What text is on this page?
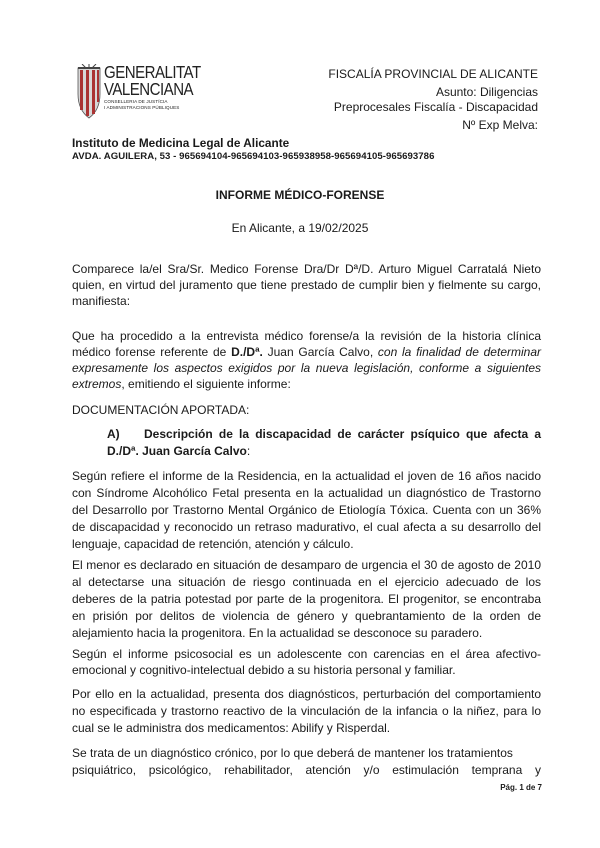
GENERALITAT
VALENCIANA
CONSELLERIA DE JUSTÍCIA
I ADMINISTRACIONS PÚBLIQUES
FISCALÍA PROVINCIAL DE ALICANTE
Asunto: Diligencias
Preprocesales Fiscalía - Discapacidad
Nº Exp Melva:
Instituto de Medicina Legal de Alicante
AVDA. AGUILERA, 53 - 965694104-965694103-965938958-965694105-965693786
INFORME MÉDICO-FORENSE
En Alicante, a 19/02/2025
Comparece la/el Sra/Sr. Medico Forense Dra/Dr Dª/D. Arturo Miguel Carratalá Nieto quien, en virtud del juramento que tiene prestado de cumplir bien y fielmente su cargo, manifiesta:
Que ha procedido a la entrevista médico forense/a la revisión de la historia clínica médico forense referente de D./Dª. Juan García Calvo, con la finalidad de determinar expresamente los aspectos exigidos por la nueva legislación, conforme a siguientes extremos, emitiendo el siguiente informe:
DOCUMENTACIÓN APORTADA:
A) Descripción de la discapacidad de carácter psíquico que afecta a D./Dª. Juan García Calvo:
Según refiere el informe de la Residencia, en la actualidad el joven de 16 años nacido con Síndrome Alcohólico Fetal presenta en la actualidad un diagnóstico de Trastorno del Desarrollo por Trastorno Mental Orgánico de Etiología Tóxica. Cuenta con un 36% de discapacidad y reconocido un retraso madurativo, el cual afecta a su desarrollo del lenguaje, capacidad de retención, atención y cálculo.
El menor es declarado en situación de desamparo de urgencia el 30 de agosto de 2010 al detectarse una situación de riesgo continuada en el ejercicio adecuado de los deberes de la patria potestad por parte de la progenitora. El progenitor, se encontraba en prisión por delitos de violencia de género y quebrantamiento de la orden de alejamiento hacia la progenitora. En la actualidad se desconoce su paradero.
Según el informe psicosocial es un adolescente con carencias en el área afectivo-emocional y cognitivo-intelectual debido a su historia personal y familiar.
Por ello en la actualidad, presenta dos diagnósticos, perturbación del comportamiento no especificada y trastorno reactivo de la vinculación de la infancia o la niñez, para lo cual se le administra dos medicamentos: Abilify y Risperdal.
Se trata de un diagnóstico crónico, por lo que deberá de mantener los tratamientos
psiquiátrico, psicológico, rehabilitador, atención y/o estimulación temprana y
Pág. 1 de 7
